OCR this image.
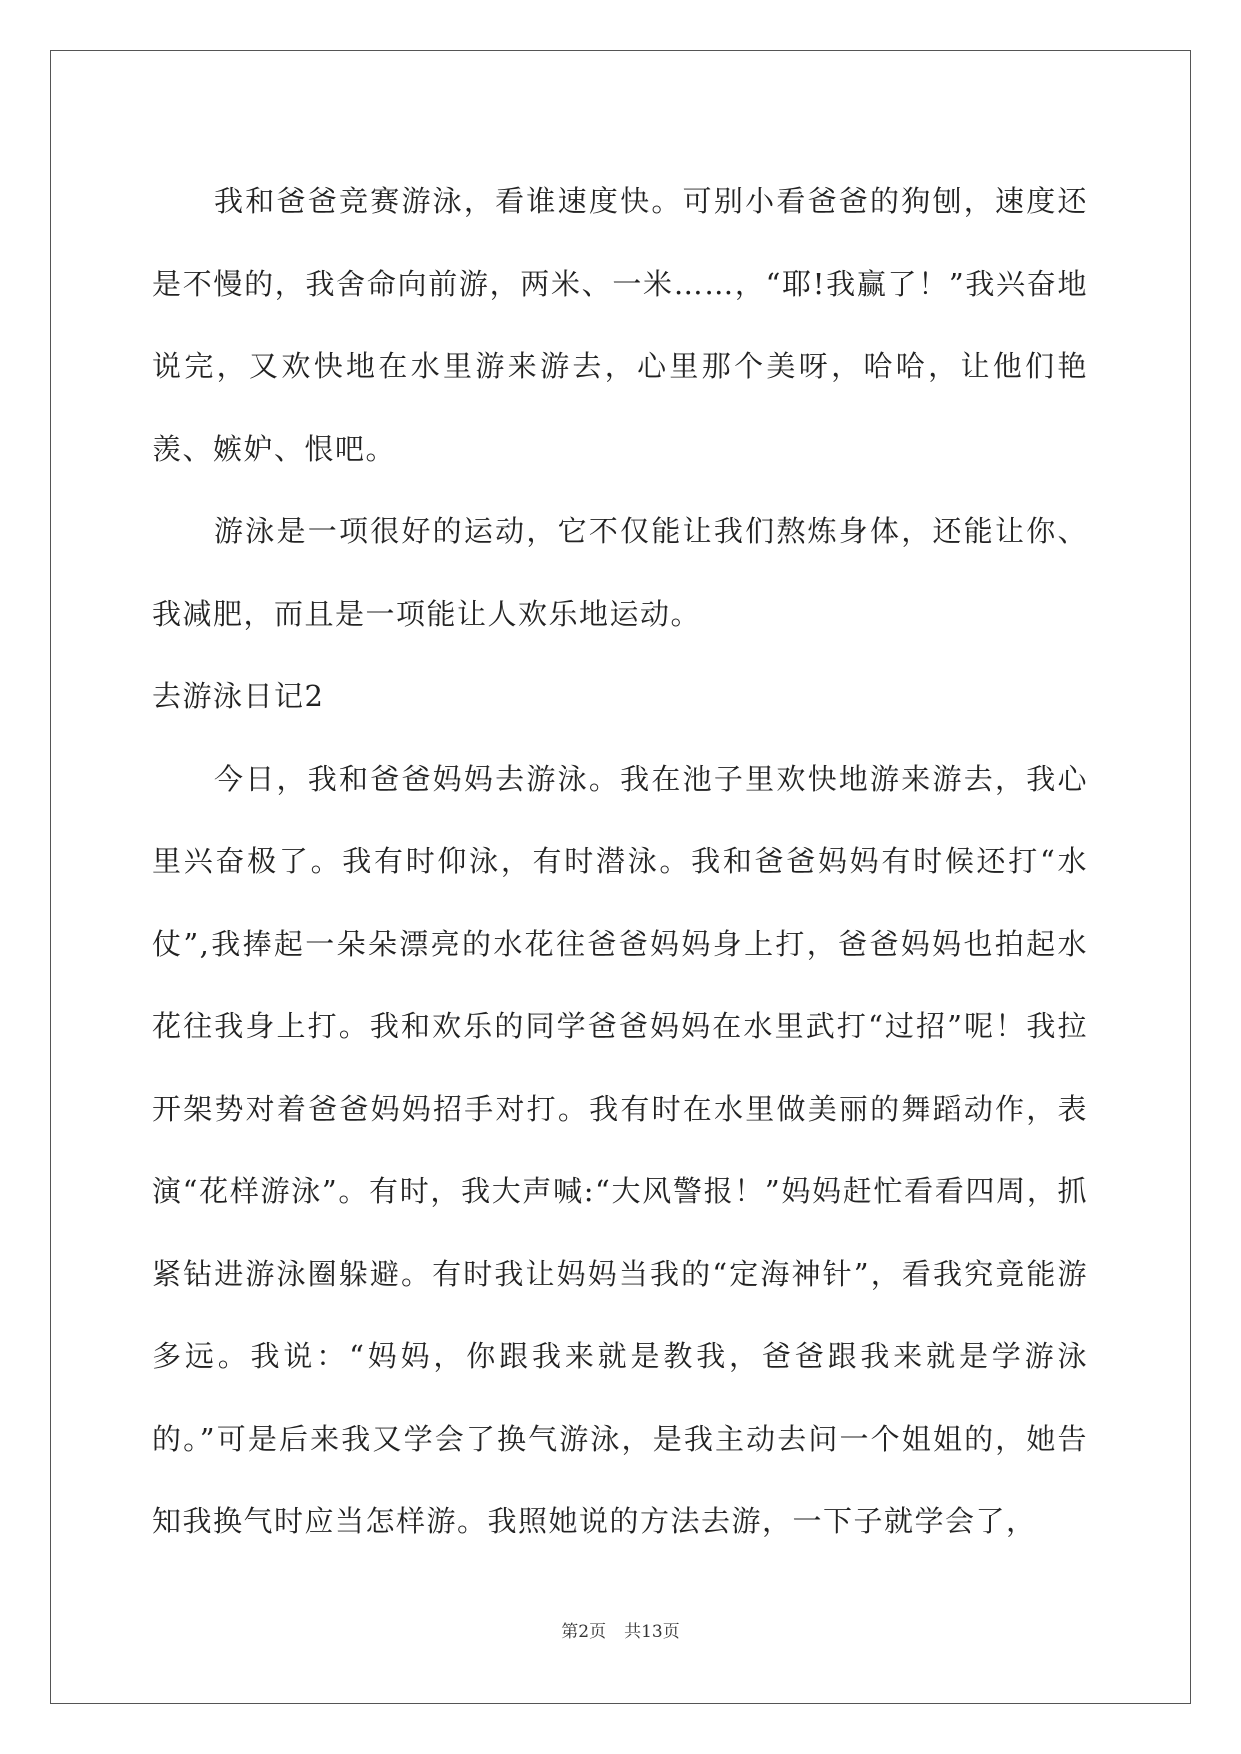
我和爸爸竞赛游泳，看谁速度快。可别小看爸爸的狗刨，速度还是不慢的，我舍命向前游，两米、一米……，“耶!我赢了！”我兴奋地说完，又欢快地在水里游来游去，心里那个美呀，哈哈，让他们艳羡、嫉妒、恨吧。

游泳是一项很好的运动，它不仅能让我们熬炼身体，还能让你、我减肥，而且是一项能让人欢乐地运动。

去游泳日记2

今日，我和爸爸妈妈去游泳。我在池子里欢快地游来游去，我心里兴奋极了。我有时仰泳，有时潜泳。我和爸爸妈妈有时候还打“水仗”,我捧起一朵朵漂亮的水花往爸爸妈妈身上打，爸爸妈妈也拍起水花往我身上打。我和欢乐的同学爸爸妈妈在水里武打“过招”呢！我拉开架势对着爸爸妈妈招手对打。我有时在水里做美丽的舞蹈动作，表演“花样游泳”。有时，我大声喊:“大风警报！”妈妈赶忙看看四周，抓紧钻进游泳圈躲避。有时我让妈妈当我的“定海神针”，看我究竟能游多远。我说：“妈妈，你跟我来就是教我，爸爸跟我来就是学游泳的。”可是后来我又学会了换气游泳，是我主动去问一个姐姐的，她告知我换气时应当怎样游。我照她说的方法去游，一下子就学会了，

第2页 共13页
